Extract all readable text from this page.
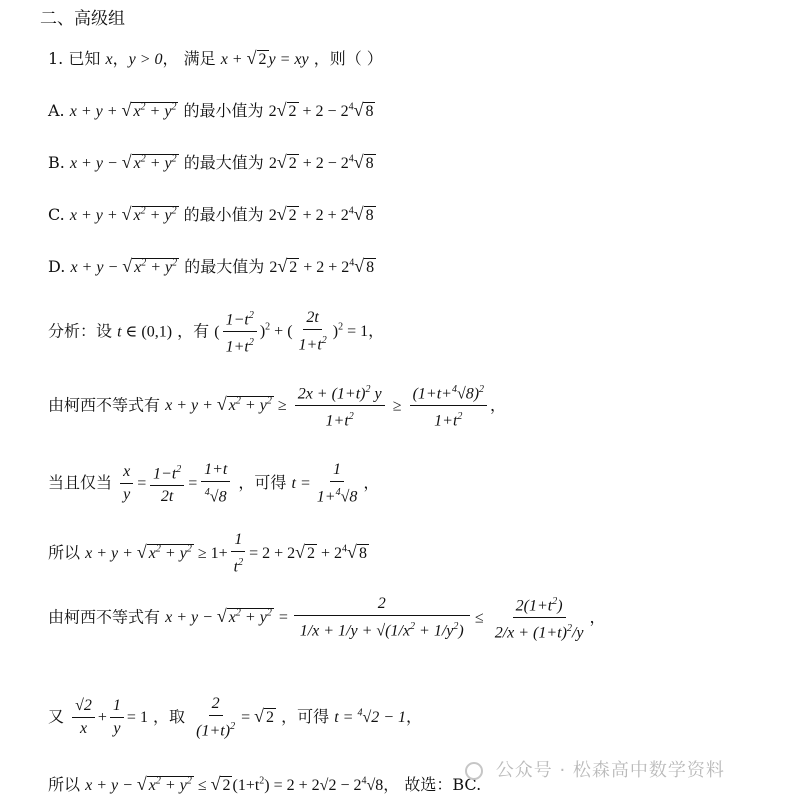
二、高级组
1. 已知 x，y > 0， 满足 x + √ 2 y = xy ，则（ ）
A. x + y + √ $x^2 + y^2$ 的最小值为 2√ $2 + 2 - 2^4√$ 8
B. x + y − √ $x^2 + y^2$ 的最大值为 2√ $2 + 2 - 2^4√$ 8
C. x + y + √ $x^2 + y^2$ 的最小值为 2√ $2 + 2 + 2^4√$ 8
D. x + y − √ $x^2 + y^2$ 的最大值为 2√ $2 + 2 + 2^4√$ 8
分析：设 t ∈ (0,1) ，有 ( $\frac{1-t^2}{1+t^2} )^2$ + ( $\frac{2t}{1+t^2} )^2 = 1$，
由柯西不等式有 x + y + √ $x^2 + y^2 \ge \frac{2x + (1+t)^2 y}{1+t^2} \ge \frac{(1+t+^4√8)^2}{1+t^2}$ ，
当且仅当 $\frac{x}{y} = \frac{1-t^2}{2t} = \frac{1+t}{^4√8}$ ，可得 $t = \frac{1}{1+^4√8}$ ，
所以 x + y + √ $x^2 + y^2 \ge 1+ \frac{1}{t^2} = 2 + 2√$ $2 + 2^4√$ 8
由柯西不等式有 x + y − √ $x^2 + y^2 = \frac{2}{1/x + 1/y + √(1/x^2 + 1/y^2)} \le \frac{2(1+t^2)}{2/x + (1+t)^2/y}$ ，
又 $\frac{√2}{x} + \frac{1}{y} = 1$ ，取 $\frac{2}{(1+t)^2}$ = √ 2 ，可得 t = $^4$√2 − 1，
所以 x + y − √ $x^2 + y^2$ ≤ √ 2 $(1+t^2) = 2 + 2√2 - 2^4√8$， 故选：BC.
公众号 · 松森高中数学资料
